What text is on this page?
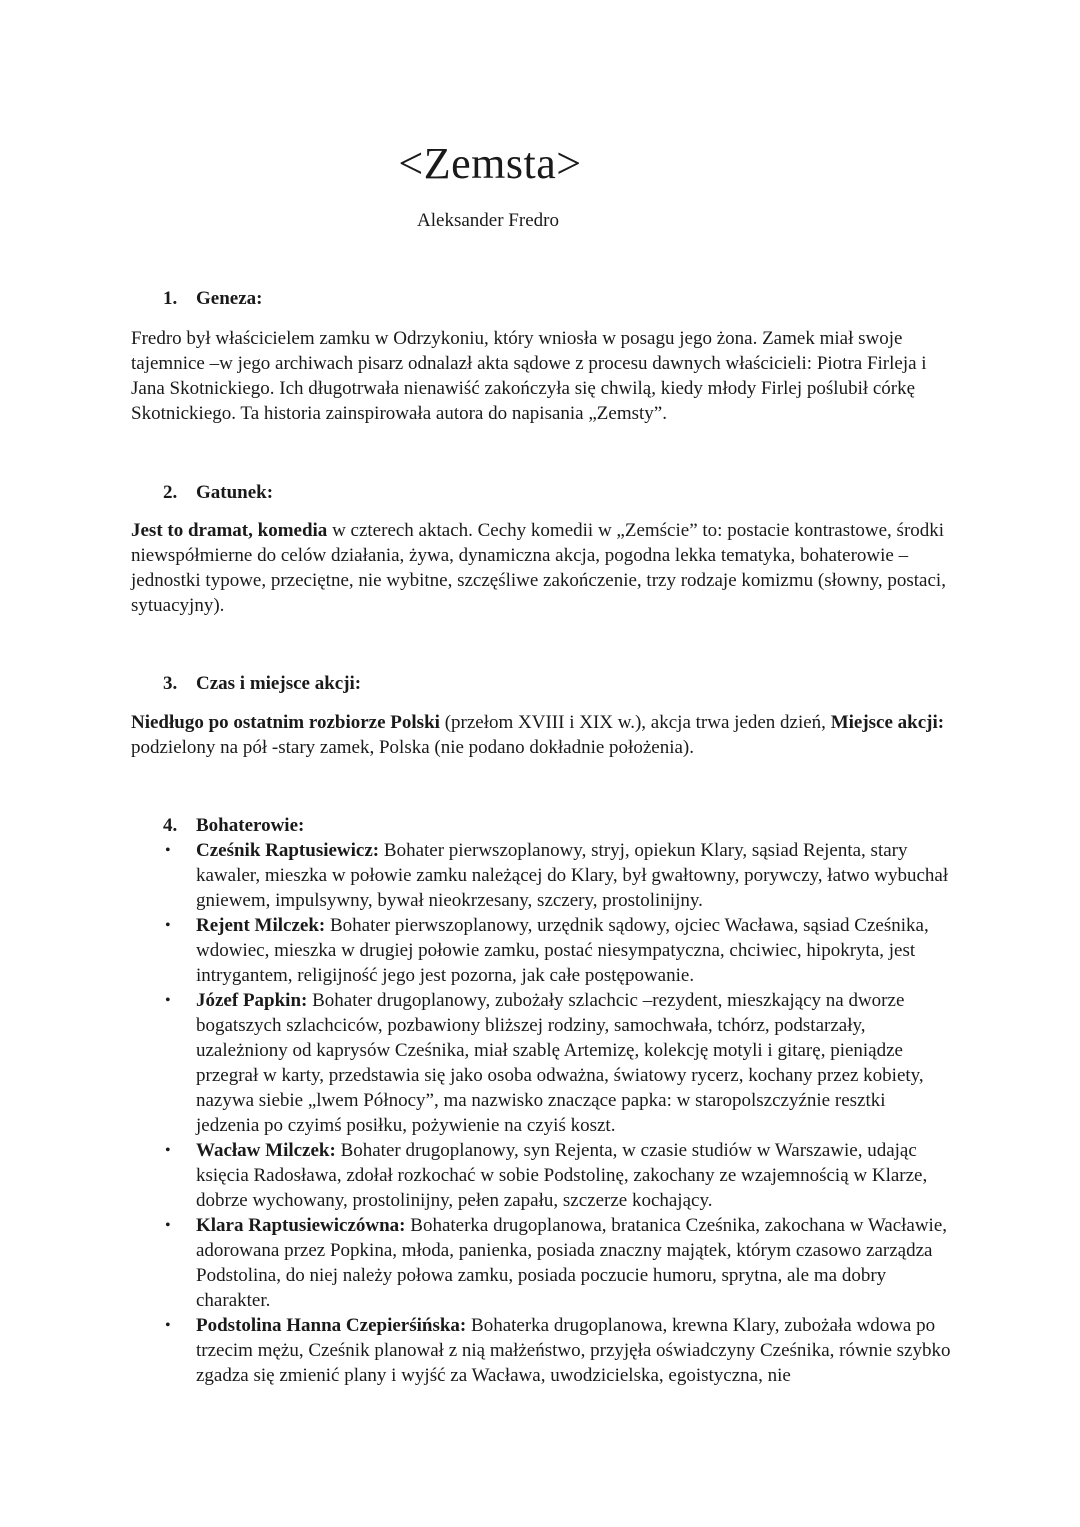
<Zemsta>
Aleksander Fredro
1. Geneza:
Fredro był właścicielem zamku w Odrzykoniu, który wniosła w posagu jego żona. Zamek miał swoje tajemnice –w jego archiwach pisarz odnalazł akta sądowe z procesu dawnych właścicieli: Piotra Firleja i Jana Skotnickiego. Ich długotrwała nienawiść zakończyła się chwilą, kiedy młody Firlej poślubił córkę Skotnickiego. Ta historia zainspirowała autora do napisania „Zemsty”.
2. Gatunek:
Jest to dramat, komedia w czterech aktach. Cechy komedii w „Zemście” to: postacie kontrastowe, środki niewspółmierne do celów działania, żywa, dynamiczna akcja, pogodna lekka tematyka, bohaterowie –jednostki typowe, przeciętne, nie wybitne, szczęśliwe zakończenie, trzy rodzaje komizmu (słowny, postaci, sytuacyjny).
3. Czas i miejsce akcji:
Niedługo po ostatnim rozbiorze Polski (przełom XVIII i XIX w.), akcja trwa jeden dzień, Miejsce akcji: podzielony na pół -stary zamek, Polska (nie podano dokładnie położenia).
4. Bohaterowie:
• Cześnik Raptusiewicz: Bohater pierwszoplanowy, stryj, opiekun Klary, sąsiad Rejenta, stary kawaler, mieszka w połowie zamku należącej do Klary, był gwałtowny, porywczy, łatwo wybuchał gniewem, impulsywny, bywał nieokrzesany, szczery, prostolinijny.
• Rejent Milczek: Bohater pierwszoplanowy, urzędnik sądowy, ojciec Wacława, sąsiad Cześnika, wdowiec, mieszka w drugiej połowie zamku, postać niesympatyczna, chciwiec, hipokryta, jest intrygantem, religijność jego jest pozorna, jak całe postępowanie.
• Józef Papkin: Bohater drugoplanowy, zubożały szlachcic –rezydent, mieszkający na dworze bogatszych szlachciców, pozbawiony bliższej rodziny, samochwała, tchórz, podstarzały, uzależniony od kaprysów Cześnika, miał szablę Artemizę, kolekcję motyli i gitarę, pieniądze przegrał w karty, przedstawia się jako osoba odważna, światowy rycerz, kochany przez kobiety, nazywa siebie „lwem Północy”, ma nazwisko znaczące papka: w staropolszczyźnie resztki jedzenia po czyimś posiłku, pożywienie na czyiś koszt.
• Wacław Milczek: Bohater drugoplanowy, syn Rejenta, w czasie studiów w Warszawie, udając księcia Radosława, zdołał rozkochać w sobie Podstolinę, zakochany ze wzajemnością w Klarze, dobrze wychowany, prostolinijny, pełen zapału, szczerze kochający.
• Klara Raptusiewiczówna: Bohaterka drugoplanowa, bratanica Cześnika, zakochana w Wacławie, adorowana przez Popkina, młoda, panienka, posiada znaczny majątek, którym czasowo zarządza Podstolina, do niej należy połowa zamku, posiada poczucie humoru, sprytna, ale ma dobry charakter.
• Podstolina Hanna Czepierśińska: Bohaterka drugoplanowa, krewna Klary, zubożała wdowa po trzecim mężu, Cześnik planował z nią małżeństwo, przyjęła oświadczyny Cześnika, równie szybko zgadza się zmienić plany i wyjść za Wacława, uwodzicielska, egoistyczna, nie
